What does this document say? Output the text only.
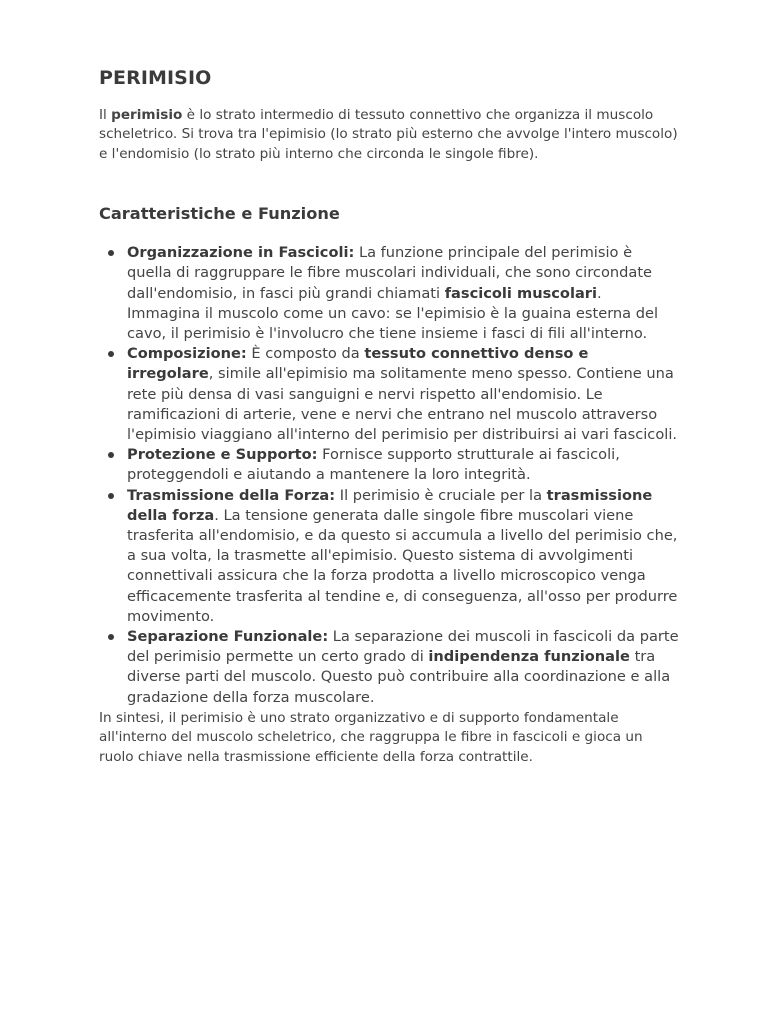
PERIMISIO

Il perimisio è lo strato intermedio di tessuto connettivo che organizza il muscolo scheletrico. Si trova tra l'epimisio (lo strato più esterno che avvolge l'intero muscolo) e l'endomisio (lo strato più interno che circonda le singole fibre).

Caratteristiche e Funzione
Organizzazione in Fascicoli: La funzione principale del perimisio è quella di raggruppare le fibre muscolari individuali, che sono circondate dall'endomisio, in fasci più grandi chiamati fascicoli muscolari. Immagina il muscolo come un cavo: se l'epimisio è la guaina esterna del cavo, il perimisio è l'involucro che tiene insieme i fasci di fili all'interno.
Composizione: È composto da tessuto connettivo denso e irregolare, simile all'epimisio ma solitamente meno spesso. Contiene una rete più densa di vasi sanguigni e nervi rispetto all'endomisio. Le ramificazioni di arterie, vene e nervi che entrano nel muscolo attraverso l'epimisio viaggiano all'interno del perimisio per distribuirsi ai vari fascicoli.
Protezione e Supporto: Fornisce supporto strutturale ai fascicoli, proteggendoli e aiutando a mantenere la loro integrità.
Trasmissione della Forza: Il perimisio è cruciale per la trasmissione della forza. La tensione generata dalle singole fibre muscolari viene trasferita all'endomisio, e da questo si accumula a livello del perimisio che, a sua volta, la trasmette all'epimisio. Questo sistema di avvolgimenti connettivali assicura che la forza prodotta a livello microscopico venga efficacemente trasferita al tendine e, di conseguenza, all'osso per produrre movimento.
Separazione Funzionale: La separazione dei muscoli in fascicoli da parte del perimisio permette un certo grado di indipendenza funzionale tra diverse parti del muscolo. Questo può contribuire alla coordinazione e alla gradazione della forza muscolare.

In sintesi, il perimisio è uno strato organizzativo e di supporto fondamentale all'interno del muscolo scheletrico, che raggruppa le fibre in fascicoli e gioca un ruolo chiave nella trasmissione efficiente della forza contrattile.
